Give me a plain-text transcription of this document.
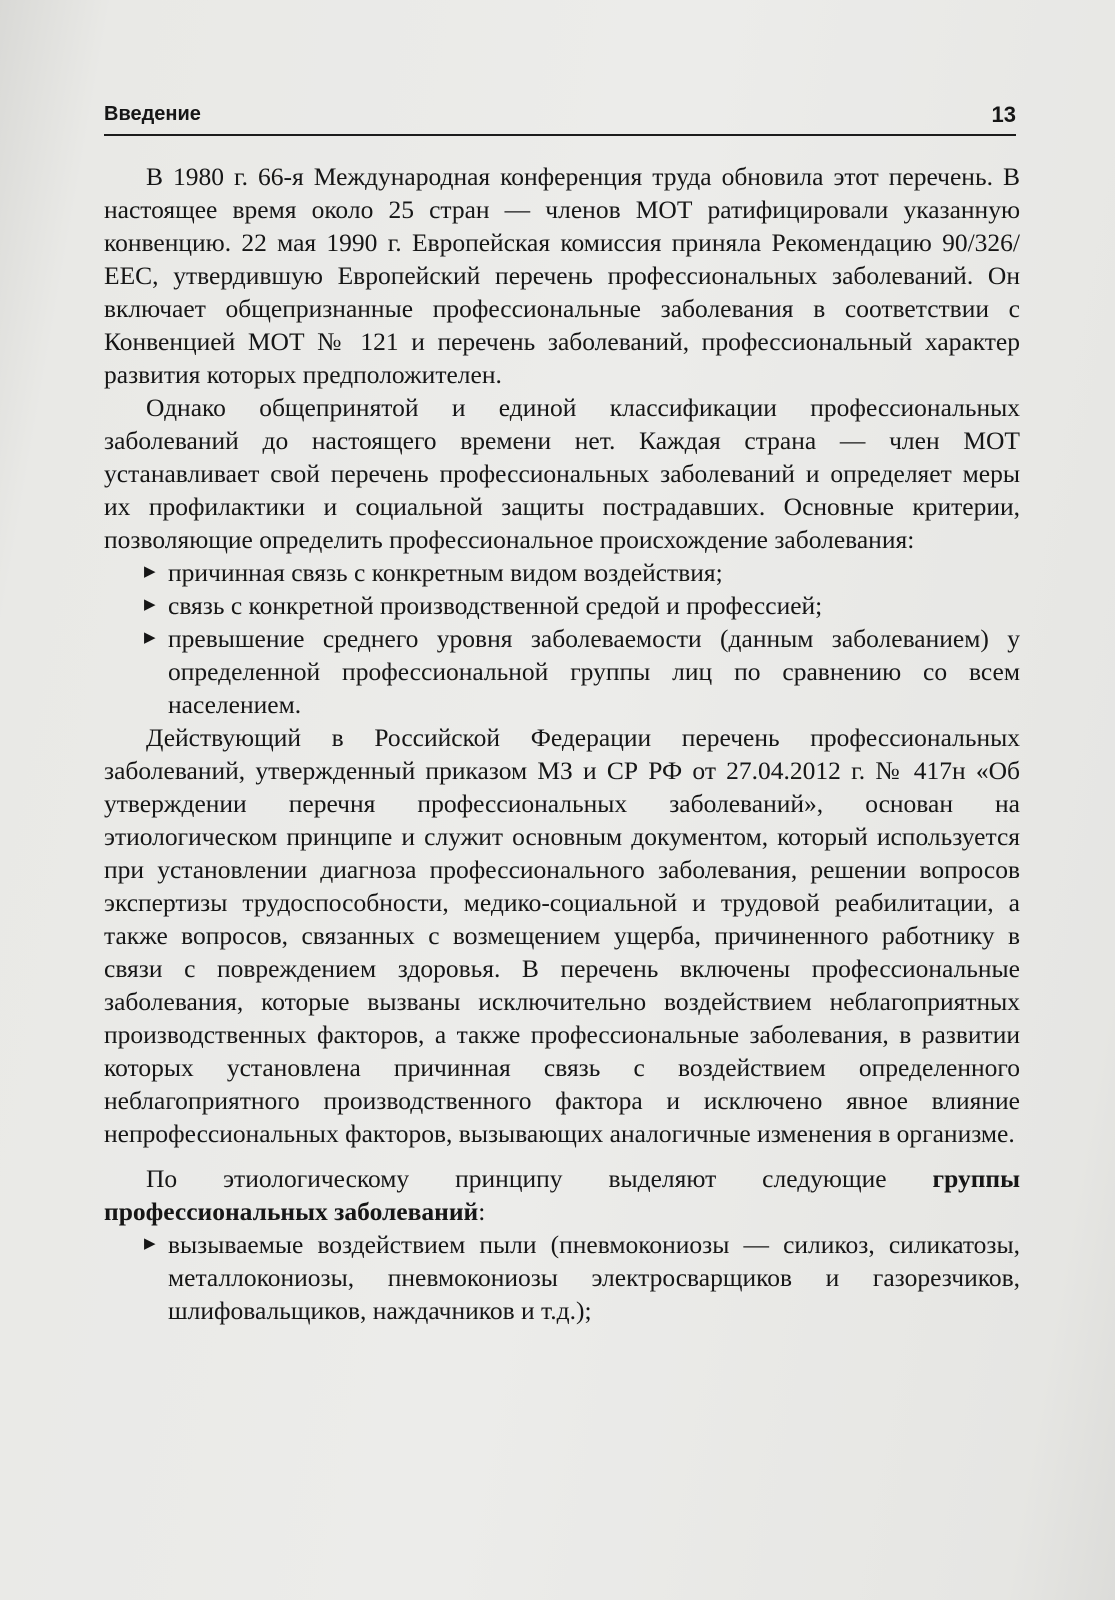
Введение	13

В 1980 г. 66-я Международная конференция труда обновила этот перечень. В настоящее время около 25 стран — членов МОТ ратифицировали указанную конвенцию. 22 мая 1990 г. Европейская комиссия приняла Рекомендацию 90/326/ЕЕС, утвердившую Европейский перечень профессиональных заболеваний. Он включает общепризнанные профессиональные заболевания в соответствии с Конвенцией МОТ № 121 и перечень заболеваний, профессиональный характер развития которых предположителен.

Однако общепринятой и единой классификации профессиональных заболеваний до настоящего времени нет. Каждая страна — член МОТ устанавливает свой перечень профессиональных заболеваний и определяет меры их профилактики и социальной защиты пострадавших. Основные критерии, позволяющие определить профессиональное происхождение заболевания:

▶ причинная связь с конкретным видом воздействия;
▶ связь с конкретной производственной средой и профессией;
▶ превышение среднего уровня заболеваемости (данным заболеванием) у определенной профессиональной группы лиц по сравнению со всем населением.

Действующий в Российской Федерации перечень профессиональных заболеваний, утвержденный приказом МЗ и СР РФ от 27.04.2012 г. № 417н «Об утверждении перечня профессиональных заболеваний», основан на этиологическом принципе и служит основным документом, который используется при установлении диагноза профессионального заболевания, решении вопросов экспертизы трудоспособности, медико-социальной и трудовой реабилитации, а также вопросов, связанных с возмещением ущерба, причиненного работнику в связи с повреждением здоровья. В перечень включены профессиональные заболевания, которые вызваны исключительно воздействием неблагоприятных производственных факторов, а также профессиональные заболевания, в развитии которых установлена причинная связь с воздействием определенного неблагоприятного производственного фактора и исключено явное влияние непрофессиональных факторов, вызывающих аналогичные изменения в организме.

По этиологическому принципу выделяют следующие группы профессиональных заболеваний:

▶ вызываемые воздействием пыли (пневмокониозы — силикоз, силикатозы, металлокониозы, пневмокониозы электросварщиков и газорезчиков, шлифовальщиков, наждачников и т.д.);
